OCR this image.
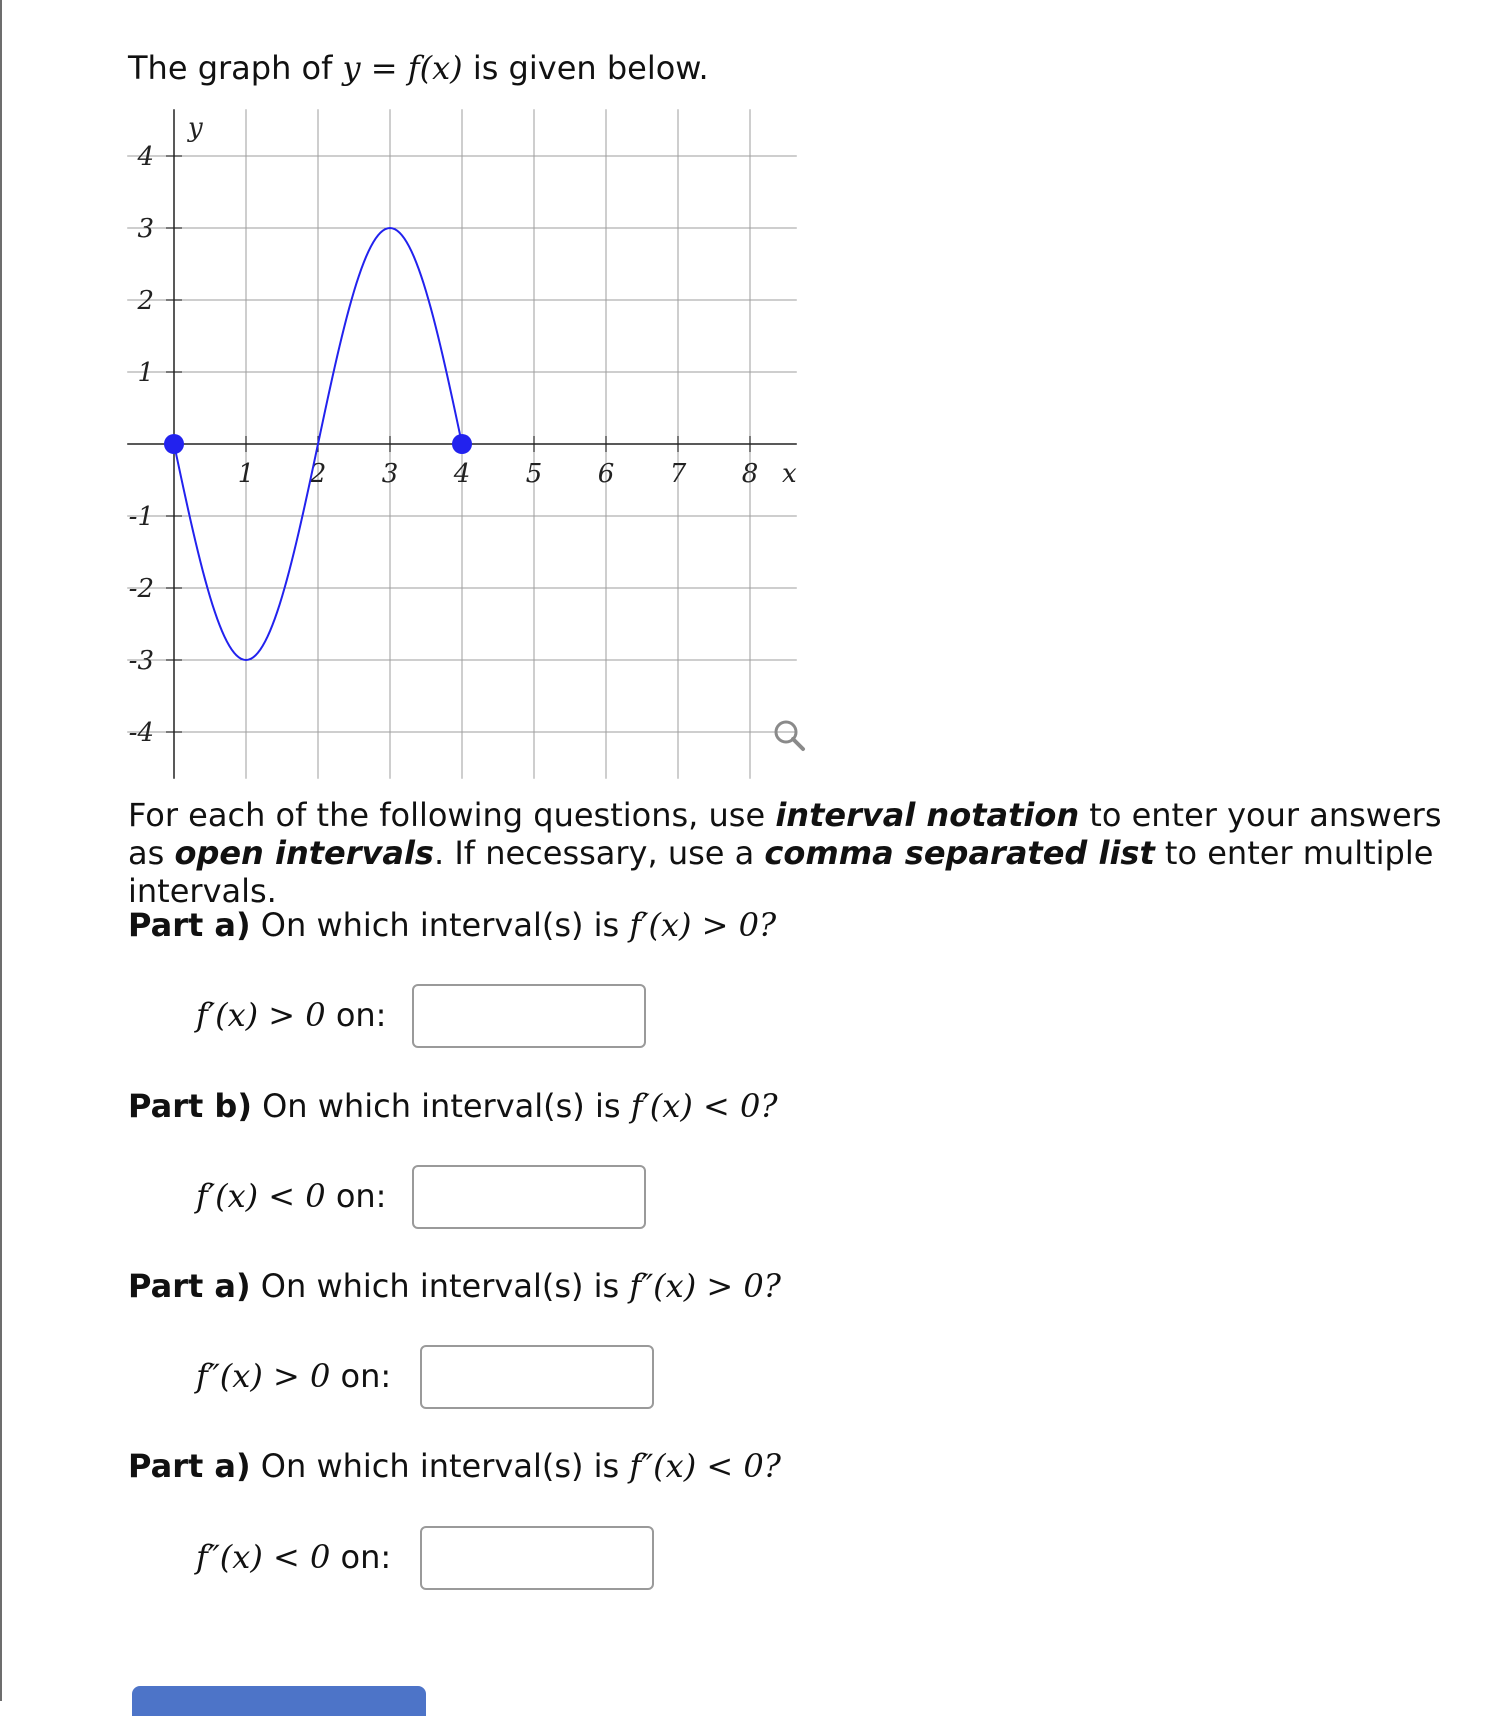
The graph of y = f(x) is given below.
1 2 3 4 5 6 7 8
4
3
2
1
-1
-2
-3
-4
x
y
For each of the following questions, use interval notation to enter your answers as open intervals. If necessary, use a comma separated list to enter multiple intervals.
Part a) On which interval(s) is f′(x) > 0?
f′(x) > 0 on:
Part b) On which interval(s) is f′(x) < 0?
f′(x) < 0 on:
Part a) On which interval(s) is f″(x) > 0?
f″(x) > 0 on:
Part a) On which interval(s) is f″(x) < 0?
f″(x) < 0 on:
